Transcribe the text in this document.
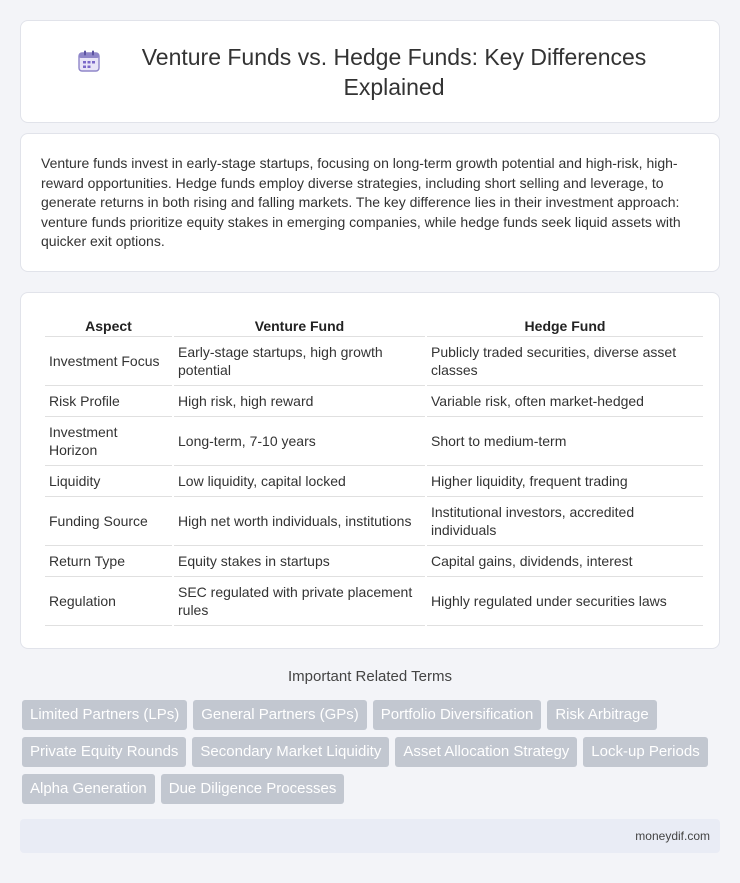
Venture Funds vs. Hedge Funds: Key Differences Explained

Venture funds invest in early-stage startups, focusing on long-term growth potential and high-risk, high-reward opportunities. Hedge funds employ diverse strategies, including short selling and leverage, to generate returns in both rising and falling markets. The key difference lies in their investment approach: venture funds prioritize equity stakes in emerging companies, while hedge funds seek liquid assets with quicker exit options.

Aspect	Venture Fund	Hedge Fund
Investment Focus	Early-stage startups, high growth potential	Publicly traded securities, diverse asset classes
Risk Profile	High risk, high reward	Variable risk, often market-hedged
Investment Horizon	Long-term, 7-10 years	Short to medium-term
Liquidity	Low liquidity, capital locked	Higher liquidity, frequent trading
Funding Source	High net worth individuals, institutions	Institutional investors, accredited individuals
Return Type	Equity stakes in startups	Capital gains, dividends, interest
Regulation	SEC regulated with private placement rules	Highly regulated under securities laws
Important Related Terms
Limited Partners (LPs)	General Partners (GPs)	Portfolio Diversification	Risk Arbitrage
Private Equity Rounds	Secondary Market Liquidity	Asset Allocation Strategy	Lock-up Periods
Alpha Generation	Due Diligence Processes
moneydif.com
